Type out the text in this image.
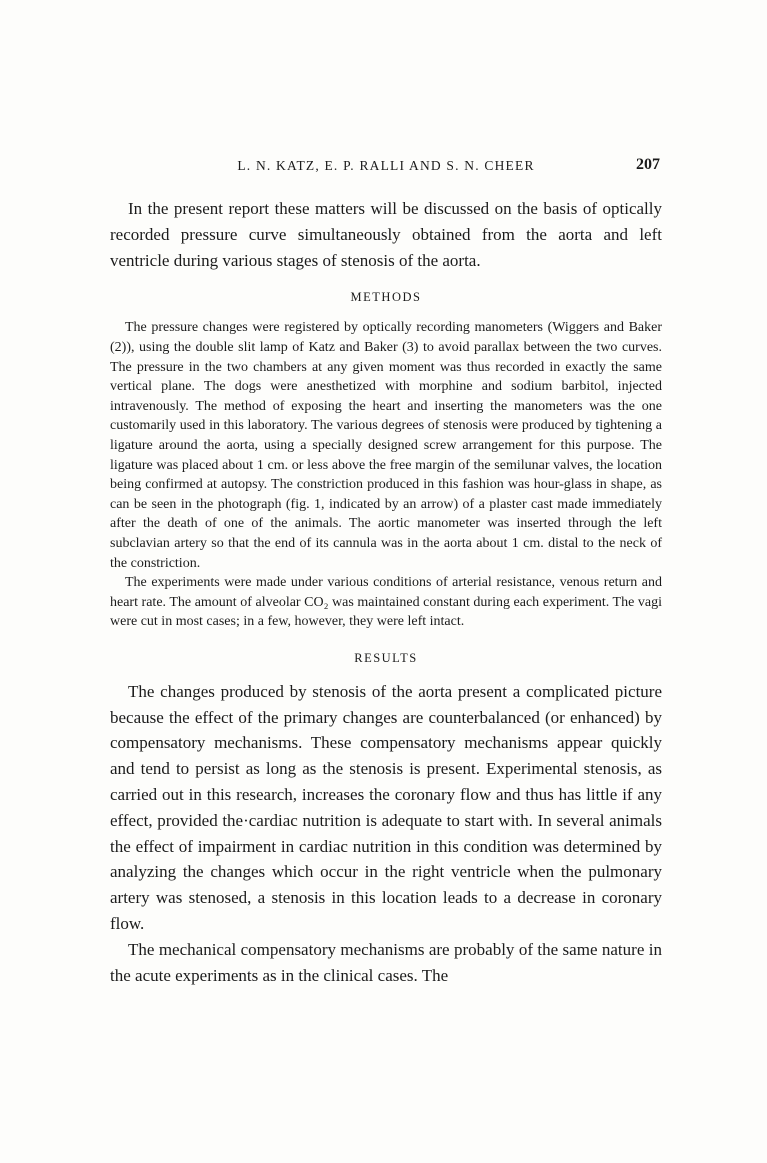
L. N. KATZ, E. P. RALLI AND S. N. CHEER	207

In the present report these matters will be discussed on the basis of optically recorded pressure curve simultaneously obtained from the aorta and left ventricle during various stages of stenosis of the aorta.

METHODS

The pressure changes were registered by optically recording manometers (Wiggers and Baker (2)), using the double slit lamp of Katz and Baker (3) to avoid parallax between the two curves. The pressure in the two chambers at any given moment was thus recorded in exactly the same vertical plane. The dogs were anesthetized with morphine and sodium barbitol, injected intravenously. The method of exposing the heart and inserting the manometers was the one customarily used in this laboratory. The various degrees of stenosis were produced by tightening a ligature around the aorta, using a specially designed screw arrangement for this purpose. The ligature was placed about 1 cm. or less above the free margin of the semilunar valves, the location being confirmed at autopsy. The constriction produced in this fashion was hour-glass in shape, as can be seen in the photograph (fig. 1, indicated by an arrow) of a plaster cast made immediately after the death of one of the animals. The aortic manometer was inserted through the left subclavian artery so that the end of its cannula was in the aorta about 1 cm. distal to the neck of the constriction.

The experiments were made under various conditions of arterial resistance, venous return and heart rate. The amount of alveolar CO₂ was maintained constant during each experiment. The vagi were cut in most cases; in a few, however, they were left intact.

RESULTS

The changes produced by stenosis of the aorta present a complicated picture because the effect of the primary changes are counterbalanced (or enhanced) by compensatory mechanisms. These compensatory mechanisms appear quickly and tend to persist as long as the stenosis is present. Experimental stenosis, as carried out in this research, increases the coronary flow and thus has little if any effect, provided the·cardiac nutrition is adequate to start with. In several animals the effect of impairment in cardiac nutrition in this condition was determined by analyzing the changes which occur in the right ventricle when the pulmonary artery was stenosed, a stenosis in this location leads to a decrease in coronary flow.

The mechanical compensatory mechanisms are probably of the same nature in the acute experiments as in the clinical cases. The
